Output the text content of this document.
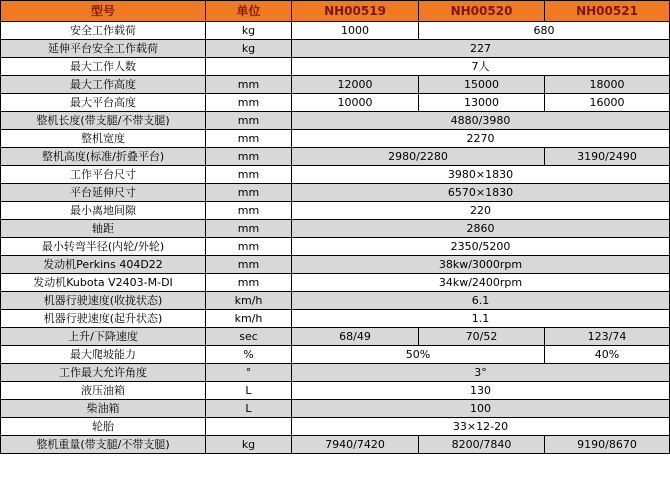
型号	单位	NH00519	NH00520	NH00521
安全工作载荷	kg	1000	680	
延伸平台安全工作载荷	kg	227		
最大工作人数		7人		
最大工作高度	mm	12000	15000	18000
最大平台高度	mm	10000	13000	16000
整机长度(带支腿/不带支腿)	mm	4880/3980		
整机宽度	mm	2270		
整机高度(标准/折叠平台)	mm	2980/2280		3190/2490
工作平台尺寸	mm	3980×1830		
平台延伸尺寸	mm	6570×1830		
最小离地间隙	mm	220		
轴距	mm	2860		
最小转弯半径(内轮/外轮)	mm	2350/5200		
发动机Perkins 404D22	mm	38kw/3000rpm		
发动机Kubota V2403-M-DI	mm	34kw/2400rpm		
机器行驶速度(收拢状态)	km/h	6.1		
机器行驶速度(起升状态)	km/h	1.1		
上升/下降速度	sec	68/49	70/52	123/74
最大爬坡能力	%	50%		40%
工作最大允许角度	°	3°		
液压油箱	L	130		
柴油箱	L	100		
轮胎		33×12-20		
整机重量(带支腿/不带支腿)	kg	7940/7420	8200/7840	9190/8670
